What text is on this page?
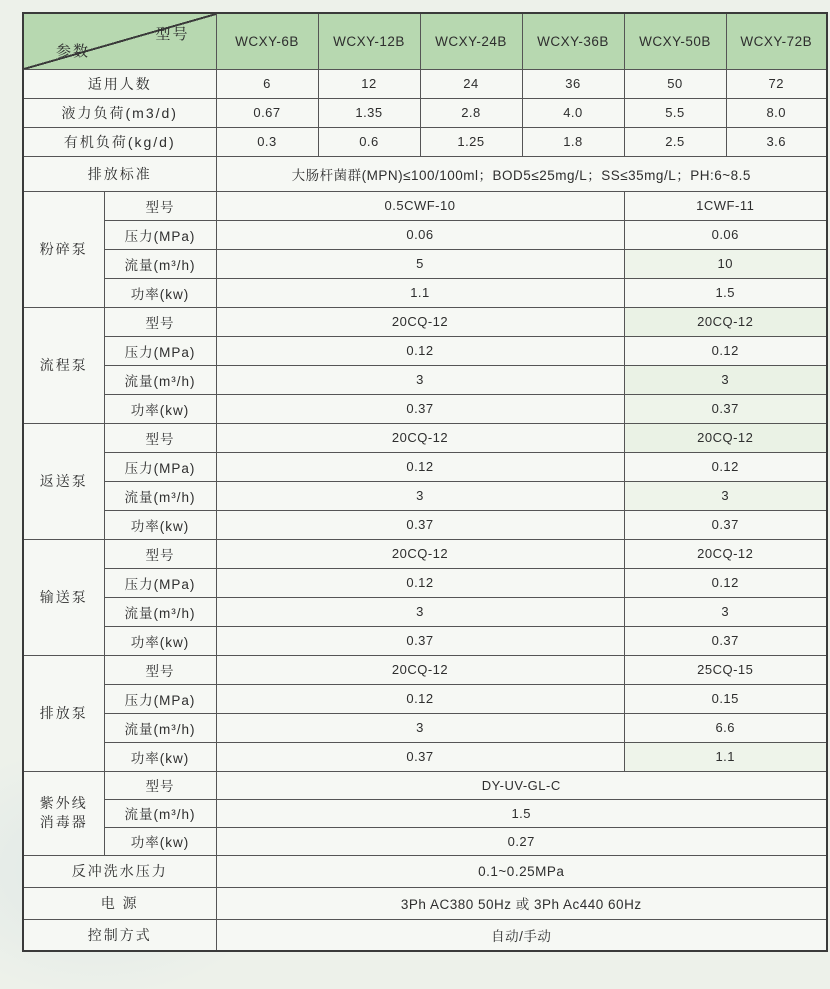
型号
参数		WCXY-6B	WCXY-12B	WCXY-24B	WCXY-36B	WCXY-50B	WCXY-72B
适用人数		6	12	24	36	50	72
液力负荷(m3/d)		0.67	1.35	2.8	4.0	5.5	8.0
有机负荷(kg/d)		0.3	0.6	1.25	1.8	2.5	3.6
排放标准		大肠杆菌群(MPN)≤100/100ml；BOD5≤25mg/L；SS≤35mg/L；PH:6~8.5					
粉碎泵	型号	0.5CWF-10				1CWF-11	
	压力(MPa)	0.06				0.06	
	流量(m³/h)	5				10	
	功率(kw)	1.1				1.5	
流程泵	型号	20CQ-12				20CQ-12	
	压力(MPa)	0.12				0.12	
	流量(m³/h)	3				3	
	功率(kw)	0.37				0.37	
返送泵	型号	20CQ-12				20CQ-12	
	压力(MPa)	0.12				0.12	
	流量(m³/h)	3				3	
	功率(kw)	0.37				0.37	
输送泵	型号	20CQ-12				20CQ-12	
	压力(MPa)	0.12				0.12	
	流量(m³/h)	3				3	
	功率(kw)	0.37				0.37	
排放泵	型号	20CQ-12				25CQ-15	
	压力(MPa)	0.12				0.15	
	流量(m³/h)	3				6.6	
	功率(kw)	0.37				1.1	
紫外线
消毒器	型号	DY-UV-GL-C					
	流量(m³/h)	1.5					
	功率(kw)	0.27					
反冲洗水压力		0.1~0.25MPa					
电 源		3Ph AC380 50Hz 或 3Ph Ac440 60Hz					
控制方式		自动/手动					
